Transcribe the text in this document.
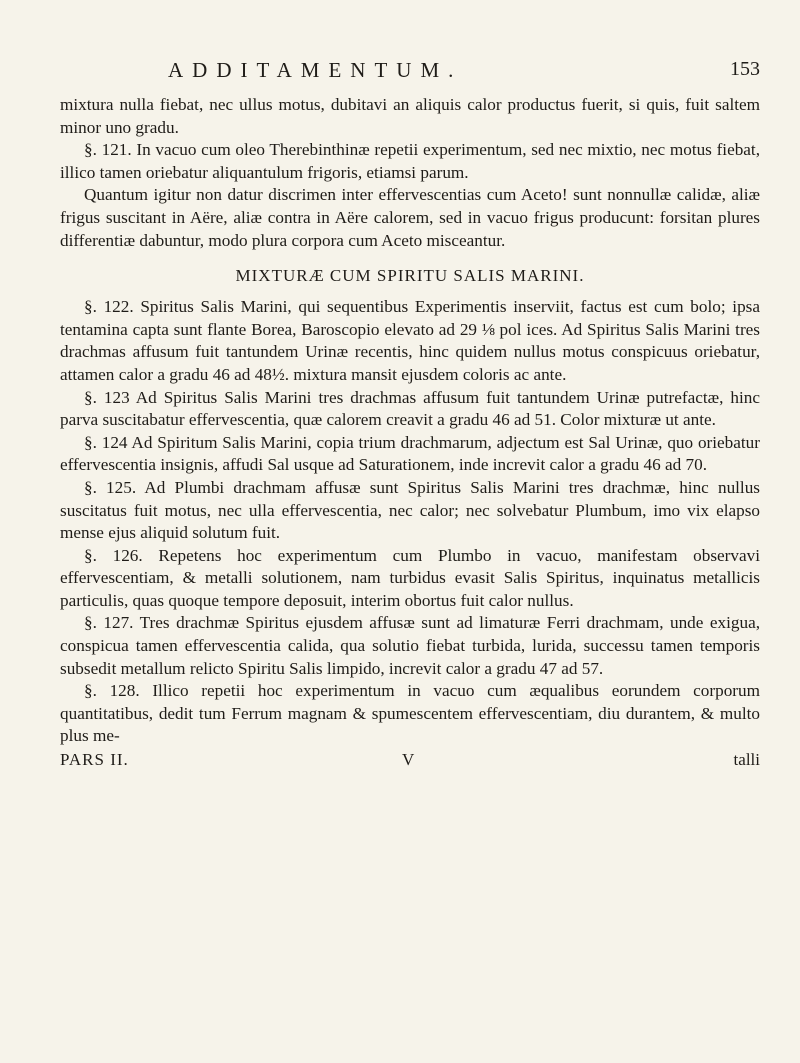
ADDITAMENTUM.	153

mixtura nulla fiebat, nec ullus motus, dubitavi an aliquis calor productus fuerit, si quis, fuit saltem minor uno gradu.

§. 121. In vacuo cum oleo Therebinthinæ repetii experimentum, sed nec mixtio, nec motus fiebat, illico tamen oriebatur aliquantulum frigoris, etiamsi parum.

Quantum igitur non datur discrimen inter effervescentias cum Aceto! sunt nonnullæ calidæ, aliæ frigus suscitant in Aëre, aliæ contra in Aëre calorem, sed in vacuo frigus producunt: forsitan plures differentiæ dabuntur, modo plura corpora cum Aceto misceantur.

MIXTURÆ CUM SPIRITU SALIS MARINI.

§. 122. Spiritus Salis Marini, qui sequentibus Experimentis inserviit, factus est cum bolo; ipsa tentamina capta sunt flante Borea, Baroscopio elevato ad 29 ⅛ pol ices. Ad Spiritus Salis Marini tres drachmas affusum fuit tantundem Urinæ recentis, hinc quidem nullus motus conspicuus oriebatur, attamen calor a gradu 46 ad 48½. mixtura mansit ejusdem coloris ac ante.

§. 123 Ad Spiritus Salis Marini tres drachmas affusum fuit tantundem Urinæ putrefactæ, hinc parva suscitabatur effervescentia, quæ calorem creavit a gradu 46 ad 51. Color mixturæ ut ante.

§. 124 Ad Spiritum Salis Marini, copia trium drachmarum, adjectum est Sal Urinæ, quo oriebatur effervescentia insignis, affudi Sal usque ad Saturationem, inde increvit calor a gradu 46 ad 70.

§. 125. Ad Plumbi drachmam affusæ sunt Spiritus Salis Marini tres drachmæ, hinc nullus suscitatus fuit motus, nec ulla effervescentia, nec calor; nec solvebatur Plumbum, imo vix elapso mense ejus aliquid solutum fuit.

§. 126. Repetens hoc experimentum cum Plumbo in vacuo, manifestam observavi effervescentiam, & metalli solutionem, nam turbidus evasit Salis Spiritus, inquinatus metallicis particulis, quas quoque tempore deposuit, interim obortus fuit calor nullus.

§. 127. Tres drachmæ Spiritus ejusdem affusæ sunt ad limaturæ Ferri drachmam, unde exigua, conspicua tamen effervescentia calida, qua solutio fiebat turbida, lurida, successu tamen temporis subsedit metallum relicto Spiritu Salis limpido, increvit calor a gradu 47 ad 57.

§. 128. Illico repetii hoc experimentum in vacuo cum æqualibus eorundem corporum quantitatibus, dedit tum Ferrum magnam & spumescentem effervescentiam, diu durantem, & multo plus me-

PARS II.	V	talli
